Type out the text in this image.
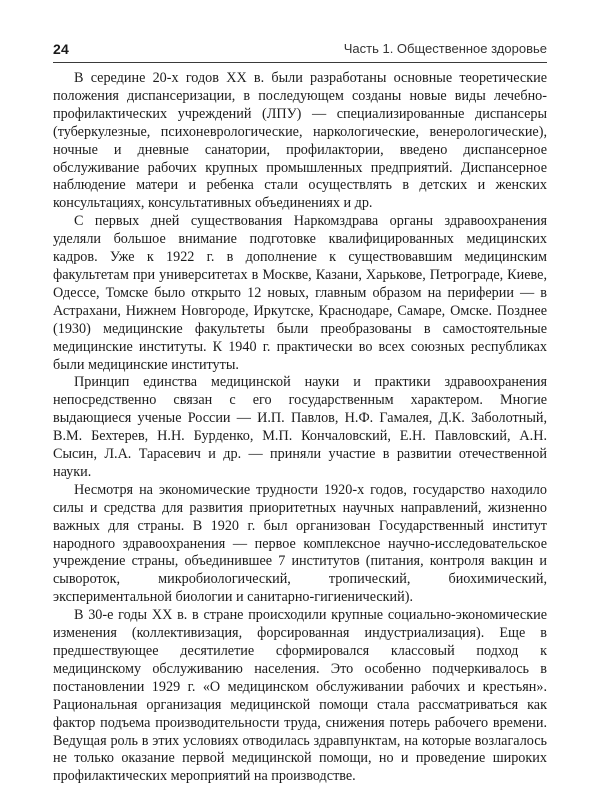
24	Часть 1. Общественное здоровье

В середине 20-х годов XX в. были разработаны основные теоретические положения диспансеризации, в последующем созданы новые виды лечебно-профилактических учреждений (ЛПУ) — специализированные диспансеры (туберкулезные, психоневрологические, наркологические, венерологические), ночные и дневные санатории, профилактории, введено диспансерное обслуживание рабочих крупных промышленных предприятий. Диспансерное наблюдение матери и ребенка стали осуществлять в детских и женских консультациях, консультативных объединениях и др.

С первых дней существования Наркомздрава органы здравоохранения уделяли большое внимание подготовке квалифицированных медицинских кадров. Уже к 1922 г. в дополнение к существовавшим медицинским факультетам при университетах в Москве, Казани, Харькове, Петрограде, Киеве, Одессе, Томске было открыто 12 новых, главным образом на периферии — в Астрахани, Нижнем Новгороде, Иркутске, Краснодаре, Самаре, Омске. Позднее (1930) медицинские факультеты были преобразованы в самостоятельные медицинские институты. К 1940 г. практически во всех союзных республиках были медицинские институты.

Принцип единства медицинской науки и практики здравоохранения непосредственно связан с его государственным характером. Многие выдающиеся ученые России — И.П. Павлов, Н.Ф. Гамалея, Д.К. Заболотный, В.М. Бехтерев, Н.Н. Бурденко, М.П. Кончаловский, Е.Н. Павловский, А.Н. Сысин, Л.А. Тарасевич и др. — приняли участие в развитии отечественной науки.

Несмотря на экономические трудности 1920-х годов, государство находило силы и средства для развития приоритетных научных направлений, жизненно важных для страны. В 1920 г. был организован Государственный институт народного здравоохранения — первое комплексное научно-исследовательское учреждение страны, объединившее 7 институтов (питания, контроля вакцин и сывороток, микробиологический, тропический, биохимический, экспериментальной биологии и санитарно-гигиенический).

В 30-е годы XX в. в стране происходили крупные социально-экономические изменения (коллективизация, форсированная индустриализация). Еще в предшествующее десятилетие сформировался классовый подход к медицинскому обслуживанию населения. Это особенно подчеркивалось в постановлении 1929 г. «О медицинском обслуживании рабочих и крестьян». Рациональная организация медицинской помощи стала рассматриваться как фактор подъема производительности труда, снижения потерь рабочего времени. Ведущая роль в этих условиях отводилась здравпунктам, на которые возлагалось не только оказание первой медицинской помощи, но и проведение широких профилактических мероприятий на производстве.
